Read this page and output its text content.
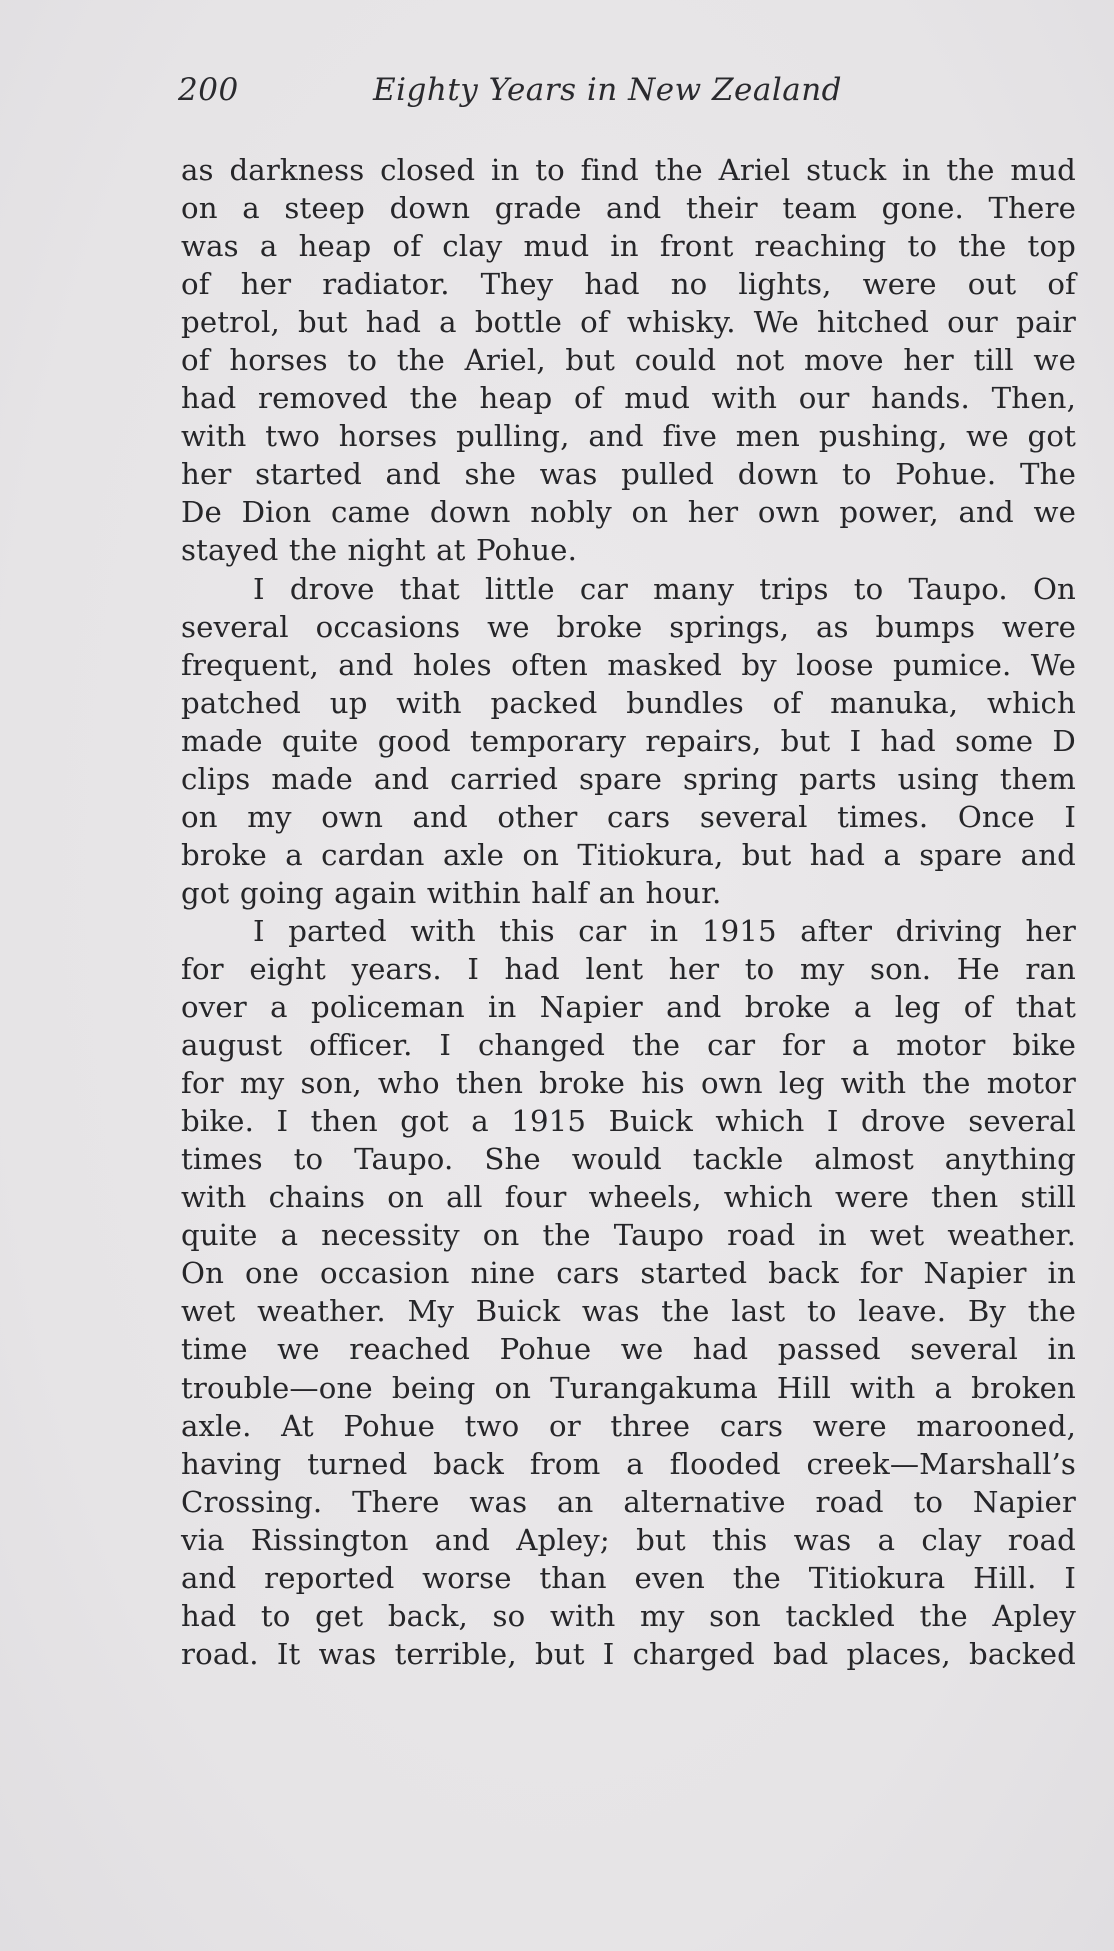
200	Eighty Years in New Zealand
as darkness closed in to find the Ariel stuck in the mud
on a steep down grade and their team gone. There
was a heap of clay mud in front reaching to the top
of her radiator. They had no lights, were out of
petrol, but had a bottle of whisky. We hitched our pair
of horses to the Ariel, but could not move her till we
had removed the heap of mud with our hands. Then,
with two horses pulling, and five men pushing, we got
her started and she was pulled down to Pohue. The
De Dion came down nobly on her own power, and we
stayed the night at Pohue.
I drove that little car many trips to Taupo. On
several occasions we broke springs, as bumps were
frequent, and holes often masked by loose pumice. We
patched up with packed bundles of manuka, which
made quite good temporary repairs, but I had some D
clips made and carried spare spring parts using them
on my own and other cars several times. Once I
broke a cardan axle on Titiokura, but had a spare and
got going again within half an hour.
I parted with this car in 1915 after driving her
for eight years. I had lent her to my son. He ran
over a policeman in Napier and broke a leg of that
august officer. I changed the car for a motor bike
for my son, who then broke his own leg with the motor
bike. I then got a 1915 Buick which I drove several
times to Taupo. She would tackle almost anything
with chains on all four wheels, which were then still
quite a necessity on the Taupo road in wet weather.
On one occasion nine cars started back for Napier in
wet weather. My Buick was the last to leave. By the
time we reached Pohue we had passed several in
trouble—one being on Turangakuma Hill with a broken
axle. At Pohue two or three cars were marooned,
having turned back from a flooded creek—Marshall’s
Crossing. There was an alternative road to Napier
via Rissington and Apley; but this was a clay road
and reported worse than even the Titiokura Hill. I
had to get back, so with my son tackled the Apley
road. It was terrible, but I charged bad places, backed
